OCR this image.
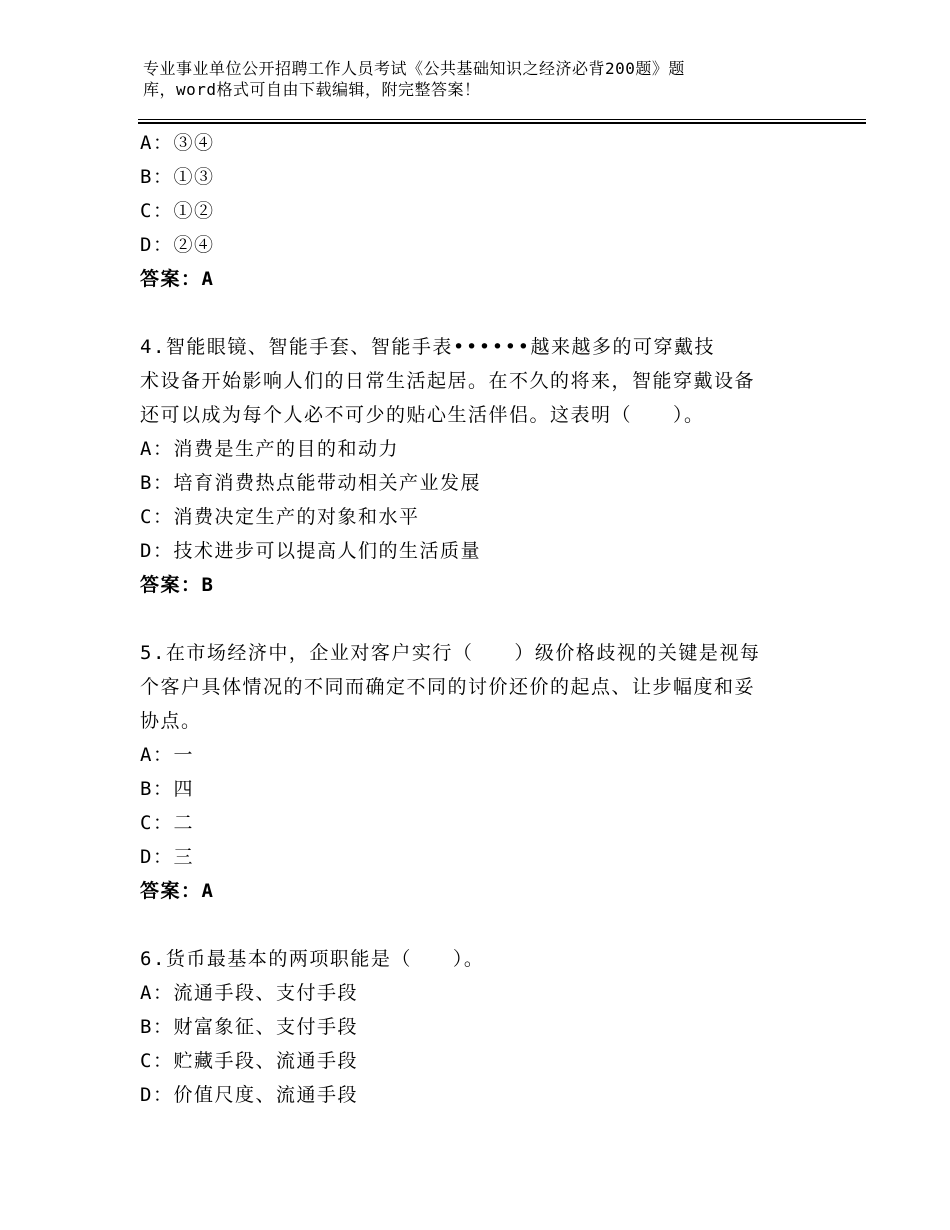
专业事业单位公开招聘工作人员考试《公共基础知识之经济必背200题》题
库，word格式可自由下载编辑，附完整答案！

A：③④

B：①③

C：①②

D：②④

答案：A

4.智能眼镜、智能手套、智能手表••••••越来越多的可穿戴技

术设备开始影响人们的日常生活起居。在不久的将来，智能穿戴设备

还可以成为每个人必不可少的贴心生活伴侣。这表明（　　）。

A：消费是生产的目的和动力

B：培育消费热点能带动相关产业发展

C：消费决定生产的对象和水平

D：技术进步可以提高人们的生活质量

答案：B

5.在市场经济中，企业对客户实行（　　）级价格歧视的关键是视每

个客户具体情况的不同而确定不同的讨价还价的起点、让步幅度和妥

协点。

A：一

B：四

C：二

D：三

答案：A

6.货币最基本的两项职能是（　　）。

A：流通手段、支付手段

B：财富象征、支付手段

C：贮藏手段、流通手段

D：价值尺度、流通手段
